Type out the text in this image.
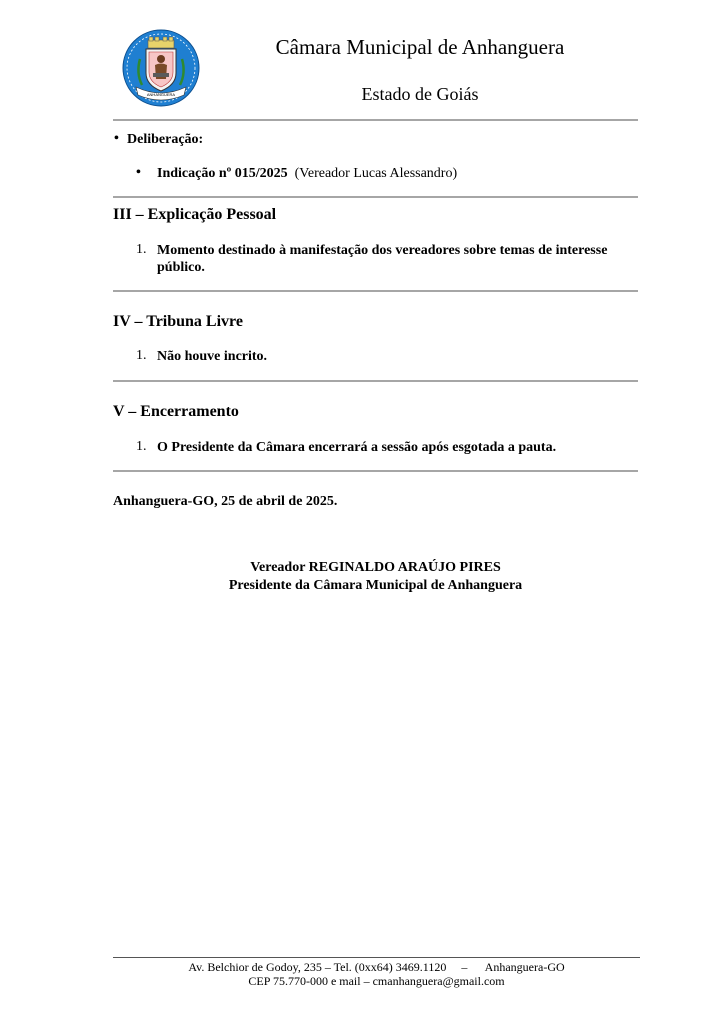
ANHANGUERA
Câmara Municipal de Anhanguera
Estado de Goiás
• Deliberação:
• Indicação nº 015/2025 (Vereador Lucas Alessandro)
III – Explicação Pessoal
1. Momento destinado à manifestação dos vereadores sobre temas de interesse
público.
IV – Tribuna Livre
1. Não houve incrito.
V – Encerramento
1. O Presidente da Câmara encerrará a sessão após esgotada a pauta.
Anhanguera-GO, 25 de abril de 2025.
Vereador REGINALDO ARAÚJO PIRES
Presidente da Câmara Municipal de Anhanguera
Av. Belchior de Godoy, 235 – Tel. (0xx64) 3469.1120     –      Anhanguera-GO
CEP 75.770-000 e mail – cmanhanguera@gmail.com
